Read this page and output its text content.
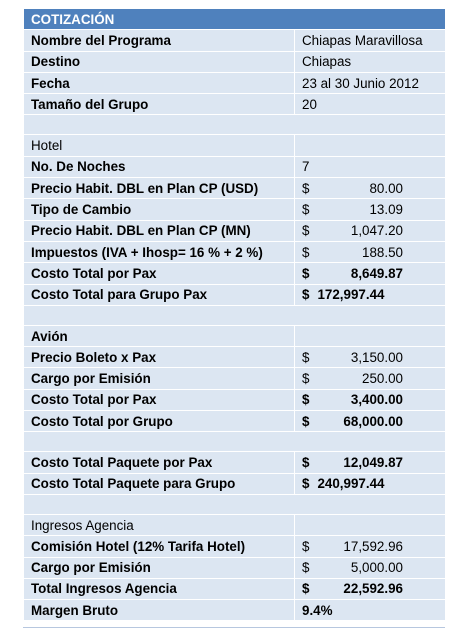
COTIZACIÓN	
Nombre del Programa	Chiapas Maravillosa
Destino	Chiapas
Fecha	23 al 30 Junio 2012
Tamaño del Grupo	20

Hotel	
No. De Noches	7
Precio Habit. DBL en Plan CP (USD)	$ 80.00

Tipo de Cambio	$ 13.09

Precio Habit. DBL en Plan CP (MN)	$ 1,047.20

Impuestos (IVA + Ihosp= 16 % + 2 %)	$ 188.50

Costo Total por Pax	$ 8,649.87

Costo Total para Grupo Pax	$ 172,997.44

Avión	
Precio Boleto x Pax	$ 3,150.00

Cargo por Emisión	$ 250.00

Costo Total por Pax	$ 3,400.00

Costo Total por Grupo	$ 68,000.00

Costo Total Paquete por Pax	$ 12,049.87

Costo Total Paquete para Grupo	$ 240,997.44

Ingresos Agencia	
Comisión Hotel (12% Tarifa Hotel)	$ 17,592.96

Cargo por Emisión	$ 5,000.00

Total Ingresos Agencia	$ 22,592.96

Margen Bruto	9.4%
